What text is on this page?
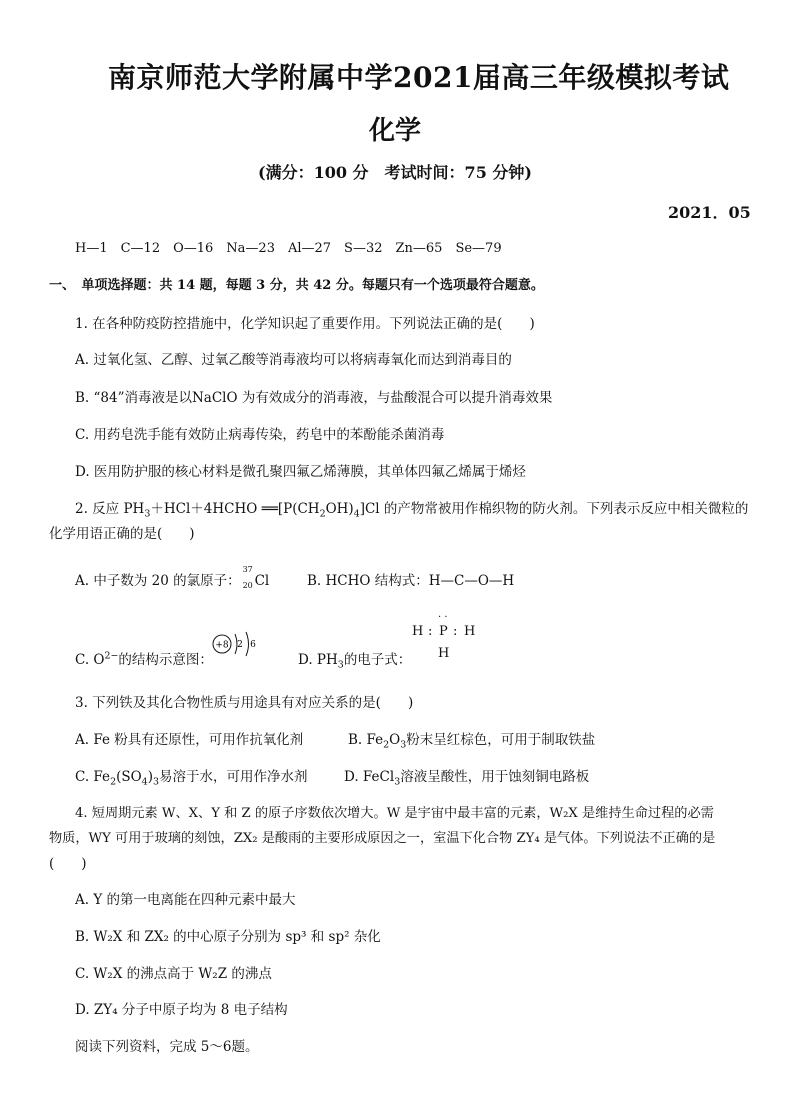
南京师范大学附属中学2021届高三年级模拟考试
化学
(满分：100 分　考试时间：75 分钟)
2021．05
H—1　C—12　O—16　Na—23　Al—27　S—32　Zn—65　Se—79
一、　单项选择题：共 14 题，每题 3 分，共 42 分。每题只有一个选项最符合题意。
1. 在各种防疫防控措施中，化学知识起了重要作用。下列说法正确的是(　　)
A. 过氧化氢、乙醇、过氧乙酸等消毒液均可以将病毒氧化而达到消毒目的
B. “84”消毒液是以NaClO 为有效成分的消毒液，与盐酸混合可以提升消毒效果
C. 用药皂洗手能有效防止病毒传染，药皂中的苯酚能杀菌消毒
D. 医用防护服的核心材料是微孔聚四氟乙烯薄膜，其单体四氟乙烯属于烯烃
2. 反应 $PH_3+HCl+4HCHO$ $══[P(CH_2OH)_4]Cl$ 的产物常被用作棉织物的防火剂。下列表示反应中相关微粒的
化学用语正确的是(　　)
A. 中子数为 20 的氯原子：
37
20 Cl	B. HCHO 结构式：H—C—O—H
C. $O^{2-}$的结构示意图：
+8 2 6
D. $PH_3$的电子式：
· ·
H : P : H
H
3. 下列铁及其化合物性质与用途具有对应关系的是(　　)
A. Fe 粉具有还原性，可用作抗氧化剂	B. $Fe_2O_3$粉末呈红棕色，可用于制取铁盐
C. $Fe_2(SO_4)_3$易溶于水，可用作净水剂	D. FeCl$_3$溶液呈酸性，用于蚀刻铜电路板
4. 短周期元素 W、X、Y 和 Z 的原子序数依次增大。W 是宇宙中最丰富的元素，W₂X 是维持生命过程的必需
物质，WY 可用于玻璃的刻蚀，ZX₂ 是酸雨的主要形成原因之一，室温下化合物 ZY₄ 是气体。下列说法不正确的是
(　　)
A. Y 的第一电离能在四种元素中最大
B. W₂X 和 ZX₂ 的中心原子分别为 sp³ 和 sp² 杂化
C. W₂X 的沸点高于 W₂Z 的沸点
D. ZY₄ 分子中原子均为 8 电子结构
阅读下列资料，完成 5～6题。
